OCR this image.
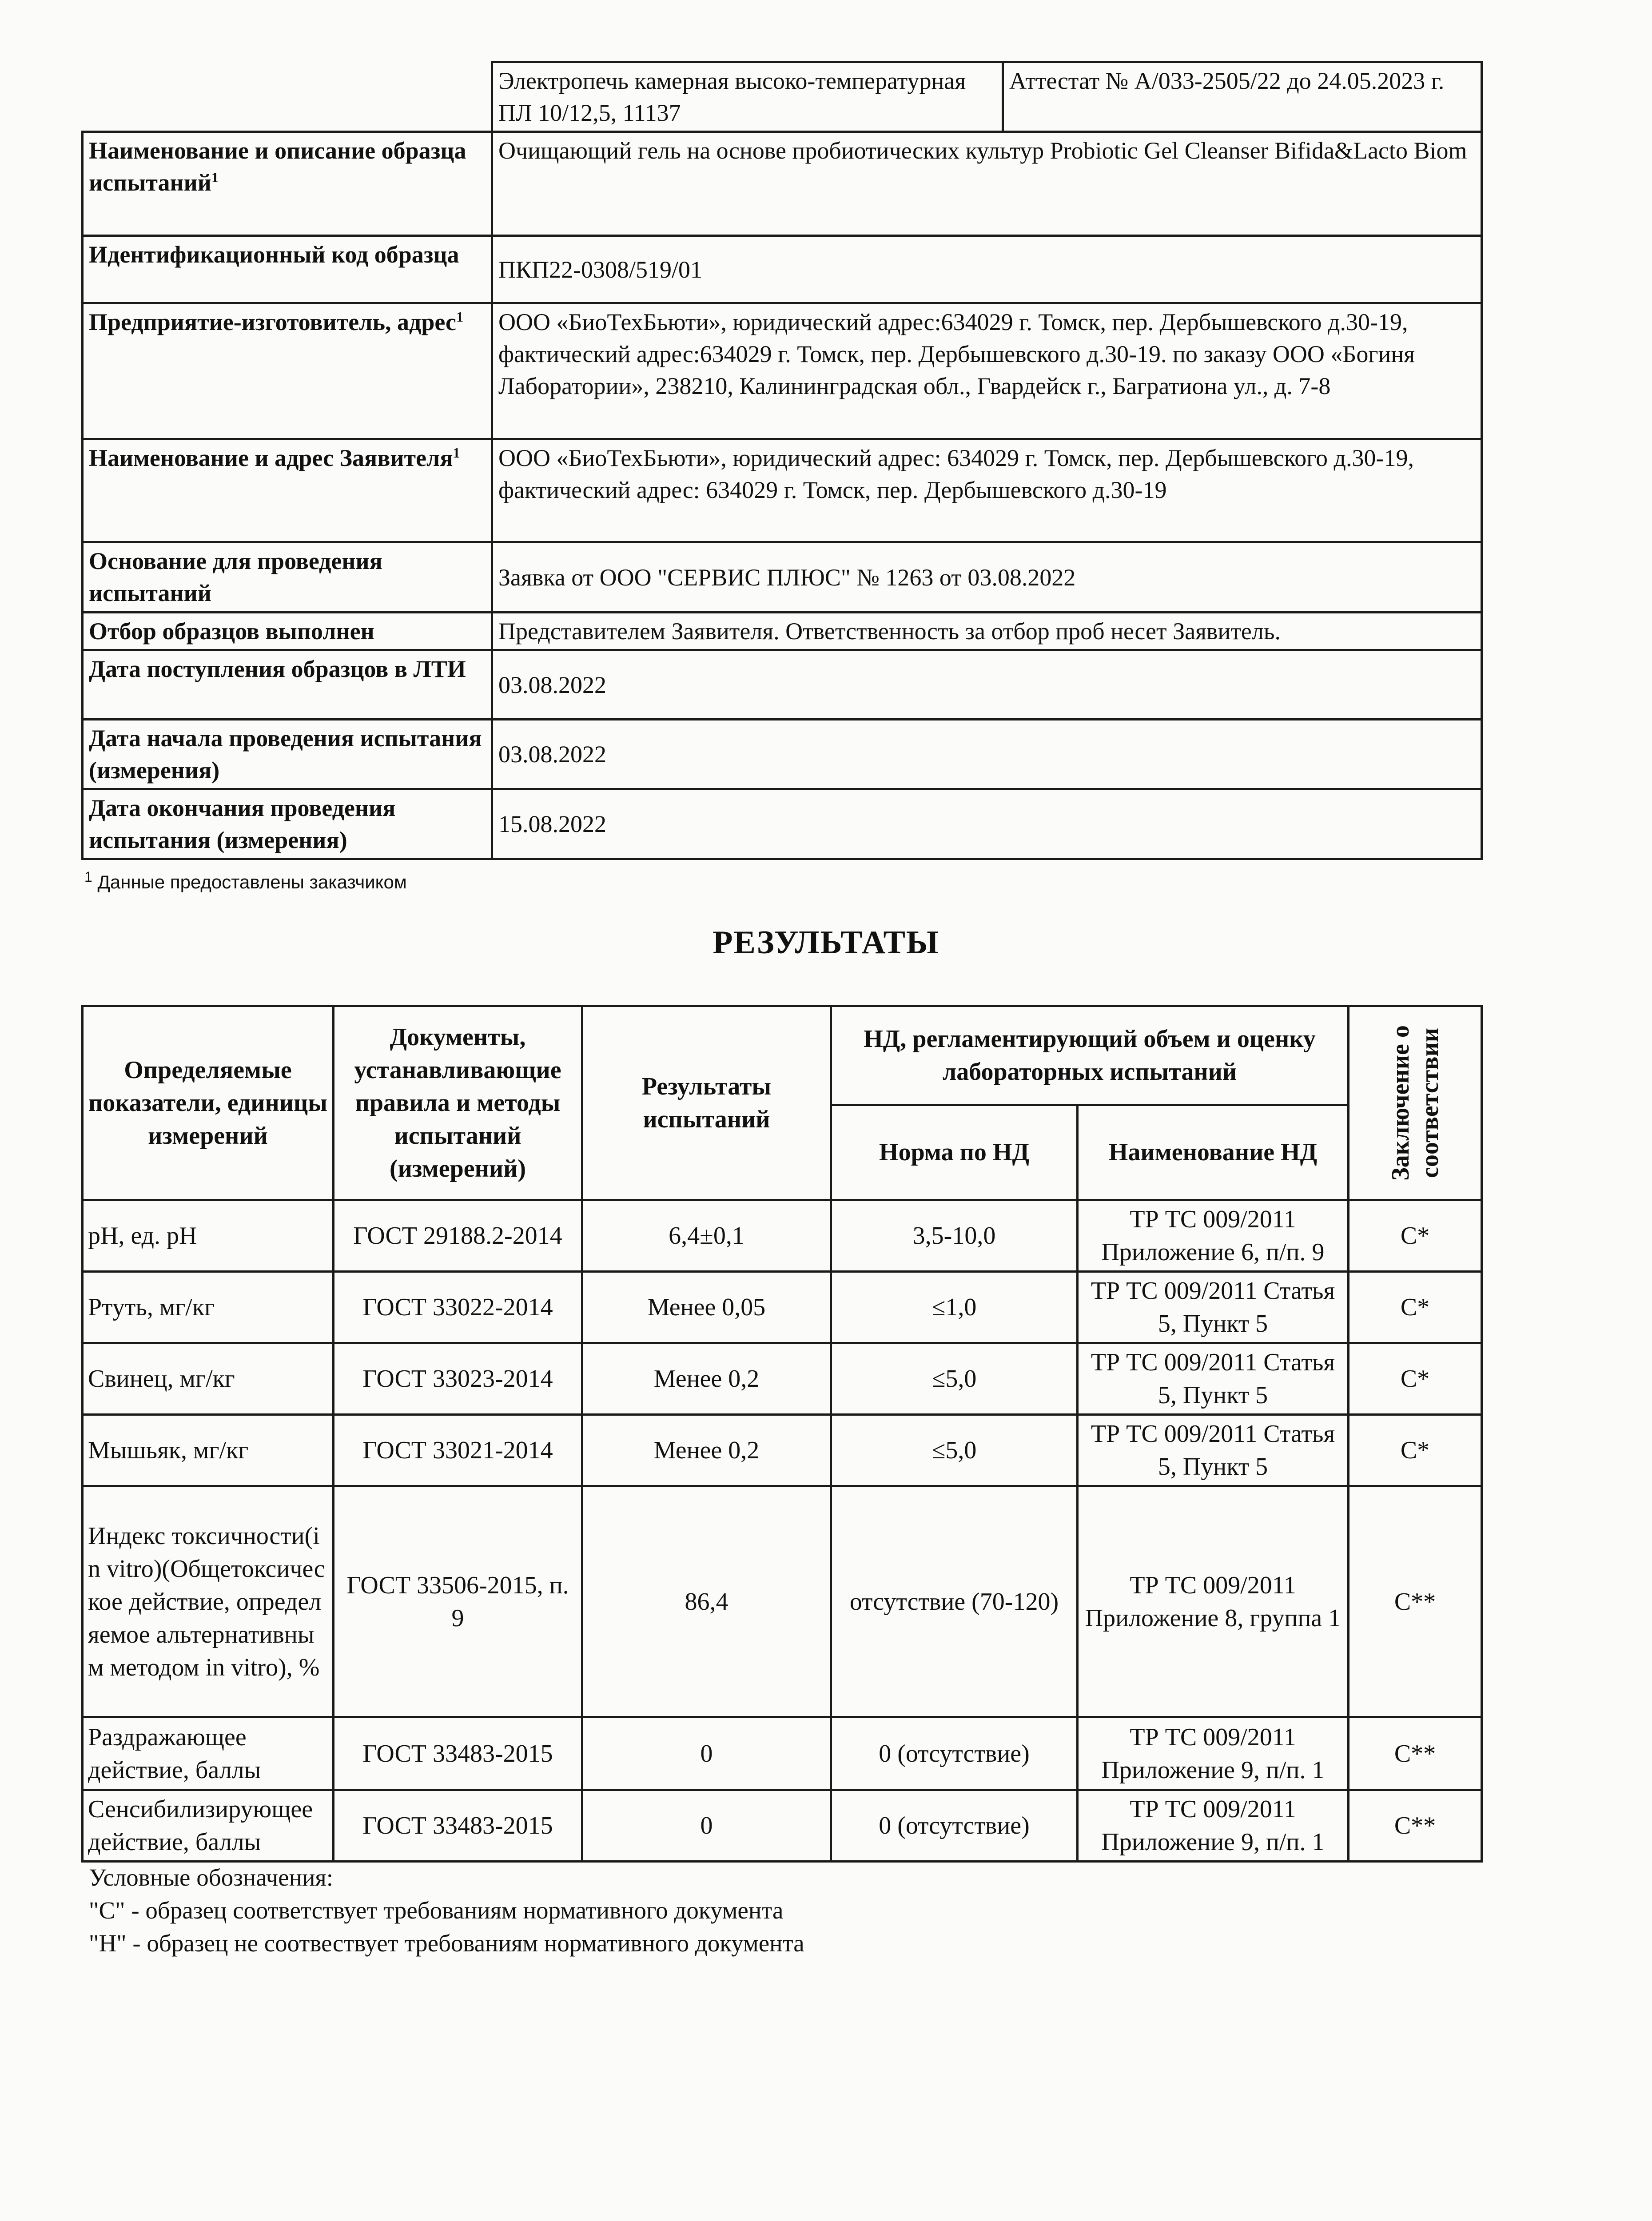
	Электропечь камерная высоко-температурная ПЛ 10/12,5, 11137	Аттестат № А/033-2505/22 до 24.05.2023 г.
Наименование и описание образца испытаний$^1$	Очищающий гель на основе пробиотических культур Probiotic Gel Cleanser Bifida&Lacto Biom	
Идентификационный код образца	ПКП22-0308/519/01	
Предприятие-изготовитель, адрес$^1$	ООО «БиоТехБьюти», юридический адрес:634029 г. Томск, пер. Дербышевского д.30-19, фактический адрес:634029 г. Томск, пер. Дербышевского д.30-19. по заказу ООО «Богиня Лаборатории», 238210, Калининградская обл., Гвардейск г., Багратиона ул., д. 7-8	
Наименование и адрес Заявителя$^1$	ООО «БиоТехБьюти», юридический адрес: 634029 г. Томск, пер. Дербышевского д.30-19, фактический адрес: 634029 г. Томск, пер. Дербышевского д.30-19	
Основание для проведения испытаний	Заявка от ООО "СЕРВИС ПЛЮС" № 1263 от 03.08.2022	
Отбор образцов выполнен	Представителем Заявителя. Ответственность за отбор проб несет Заявитель.	
Дата поступления образцов в ЛТИ	03.08.2022	
Дата начала проведения испытания (измерения)	03.08.2022	
Дата окончания проведения испытания (измерения)	15.08.2022	
$^1$ Данные предоставлены заказчиком
РЕЗУЛЬТАТЫ
Определяемые показатели, единицы измерений	Документы, устанавливающие правила и методы испытаний (измерений)	Результаты испытаний	НД, регламентирующий объем и оценку лабораторных испытаний		Заключение о соответствии

			Норма по НД	Наименование НД	
pH, ед. pH	ГОСТ 29188.2-2014	6,4±0,1	3,5-10,0	ТР ТС 009/2011 Приложение 6, п/п. 9	С*
Ртуть, мг/кг	ГОСТ 33022-2014	Менее 0,05	≤1,0	ТР ТС 009/2011 Статья 5, Пункт 5	С*
Свинец, мг/кг	ГОСТ 33023-2014	Менее 0,2	≤5,0	ТР ТС 009/2011 Статья 5, Пункт 5	С*
Мышьяк, мг/кг	ГОСТ 33021-2014	Менее 0,2	≤5,0	ТР ТС 009/2011 Статья 5, Пункт 5	С*
Индекс токсичности(in vitro)(Общетоксическое действие, определяемое альтернативным методом in vitro), %	ГОСТ 33506-2015, п. 9	86,4	отсутствие (70-120)	ТР ТС 009/2011 Приложение 8, группа 1	С**
Раздражающее действие, баллы	ГОСТ 33483-2015	0	0 (отсутствие)	ТР ТС 009/2011 Приложение 9, п/п. 1	С**
Сенсибилизирующее действие, баллы	ГОСТ 33483-2015	0	0 (отсутствие)	ТР ТС 009/2011 Приложение 9, п/п. 1	С**
Условные обозначения:
"С" - образец соответствует требованиям нормативного документа
"Н" - образец не соотвествует требованиям нормативного документа
